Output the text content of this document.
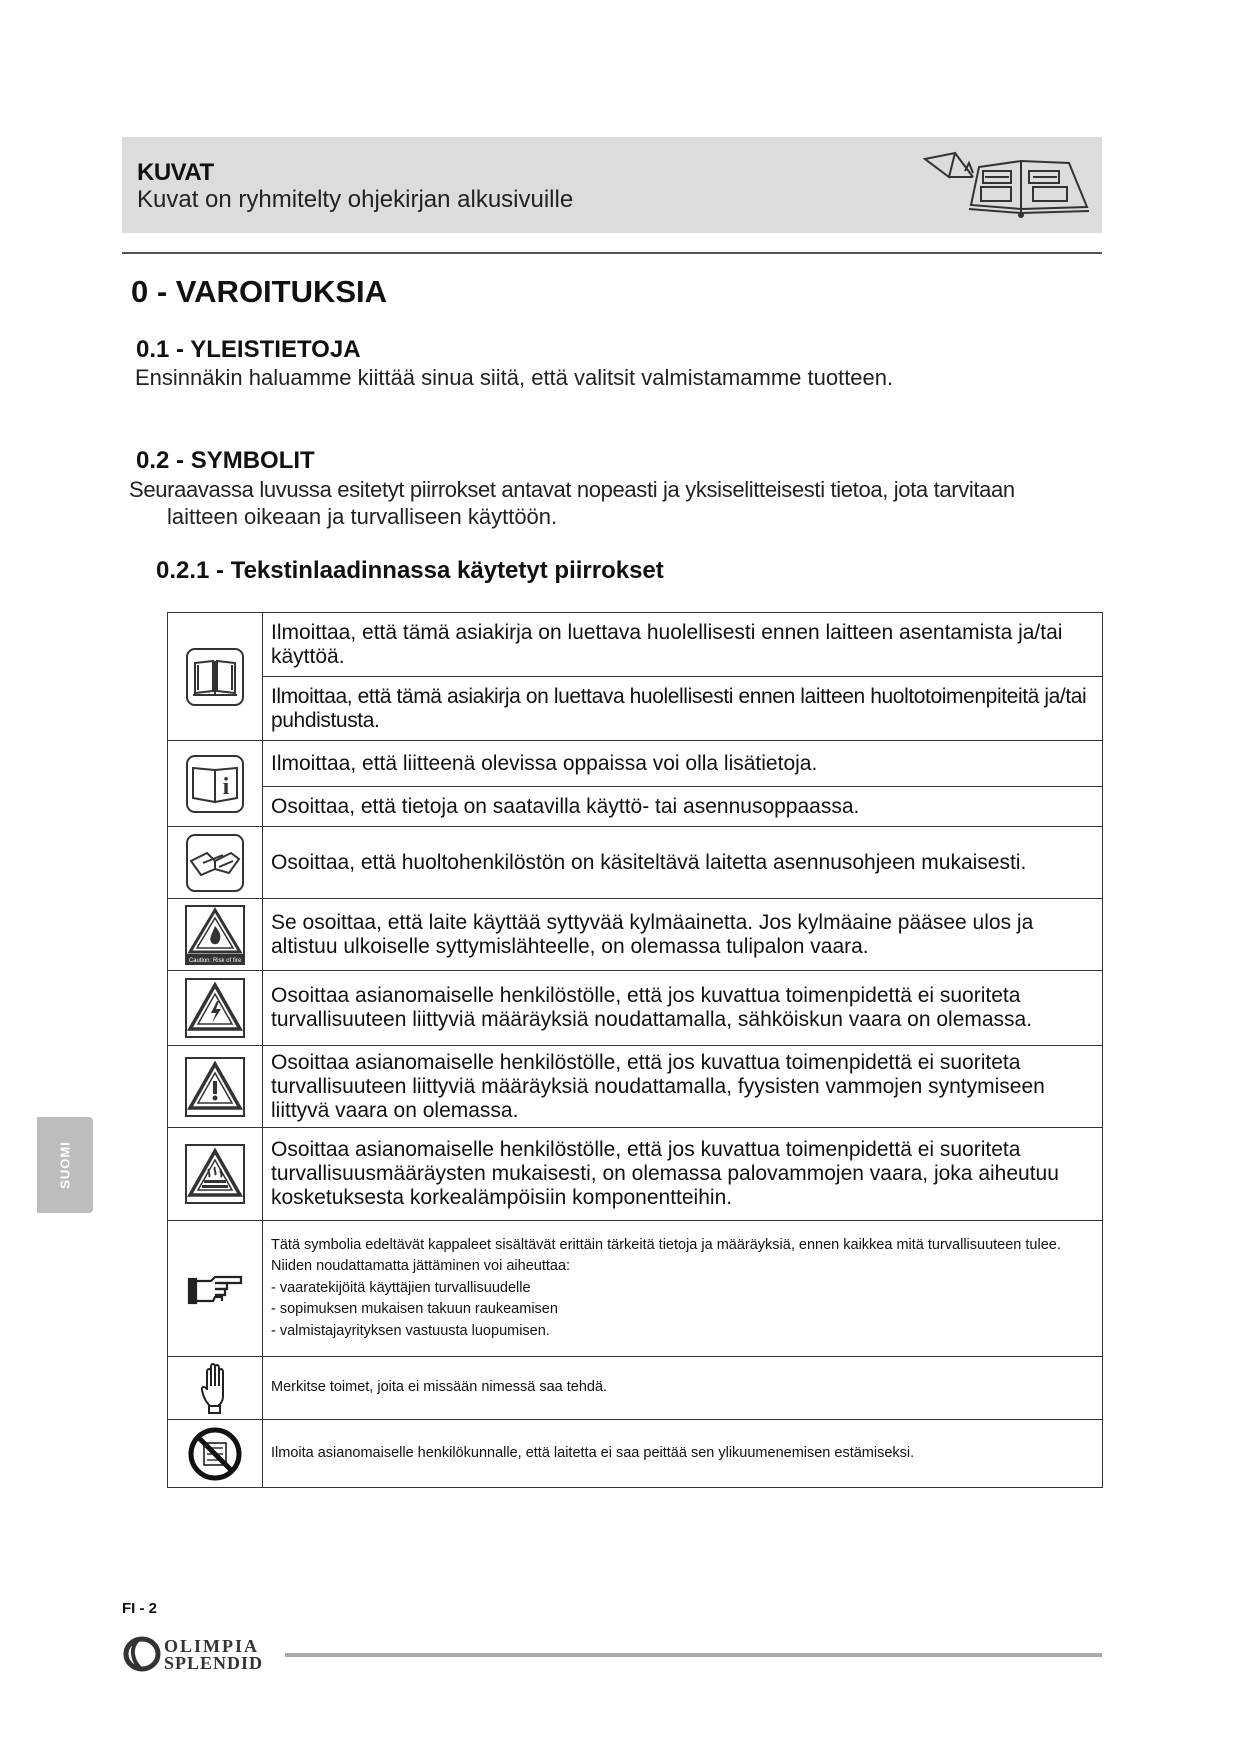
KUVAT
Kuvat on ryhmitelty ohjekirjan alkusivuille
0 - VAROITUKSIA
0.1 - YLEISTIETOJA
Ensinnäkin haluamme kiittää sinua siitä, että valitsit valmistamamme tuotteen.
0.2 - SYMBOLIT
Seuraavassa luvussa esitetyt piirrokset antavat nopeasti ja yksiselitteisesti tietoa, jota tarvitaan
laitteen oikeaan ja turvalliseen käyttöön.
0.2.1 - Tekstinlaadinnassa käytetyt piirrokset

Ilmoittaa, että tämä asiakirja on luettava huolellisesti ennen laitteen asentamista ja/tai käyttöä.

	Ilmoittaa, että tämä asiakirja on luettava huolellisesti ennen laitteen huoltotoimenpiteitä ja/tai puhdistusta.

i	Ilmoittaa, että liitteenä olevissa oppaissa voi olla lisätietoja.

	Osoittaa, että tietoja on saatavilla käyttö- tai asennusoppaassa.

Osoittaa, että huoltohenkilöstön on käsiteltävä laitetta asennusohjeen mukaisesti.

Caution: Risk of fire	Se osoittaa, että laite käyttää syttyvää kylmäainetta. Jos kylmäaine pääsee ulos ja altistuu ulkoiselle syttymislähteelle, on olemassa tulipalon vaara.

Osoittaa asianomaiselle henkilöstölle, että jos kuvattua toimenpidettä ei suoriteta turvallisuuteen liittyviä määräyksiä noudattamalla, sähköiskun vaara on olemassa.

Osoittaa asianomaiselle henkilöstölle, että jos kuvattua toimenpidettä ei suoriteta turvallisuuteen liittyviä määräyksiä noudattamalla, fyysisten vammojen syntymiseen liittyvä vaara on olemassa.

Osoittaa asianomaiselle henkilöstölle, että jos kuvattua toimenpidettä ei suoriteta turvallisuusmääräysten mukaisesti, on olemassa palovammojen vaara, joka aiheutuu kosketuksesta korkealämpöisiin komponentteihin.

Tätä symbolia edeltävät kappaleet sisältävät erittäin tärkeitä tietoja ja määräyksiä, ennen kaikkea mitä turvallisuuteen tulee. Niiden noudattamatta jättäminen voi aiheuttaa:
- vaaratekijöitä käyttäjien turvallisuudelle
- sopimuksen mukaisen takuun raukeamisen
- valmistajayrityksen vastuusta luopumisen.

Merkitse toimet, joita ei missään nimessä saa tehdä.

Ilmoita asianomaiselle henkilökunnalle, että laitetta ei saa peittää sen ylikuumenemisen estämiseksi.
SUOMI
FI - 2
OLIMPIA
SPLENDID
